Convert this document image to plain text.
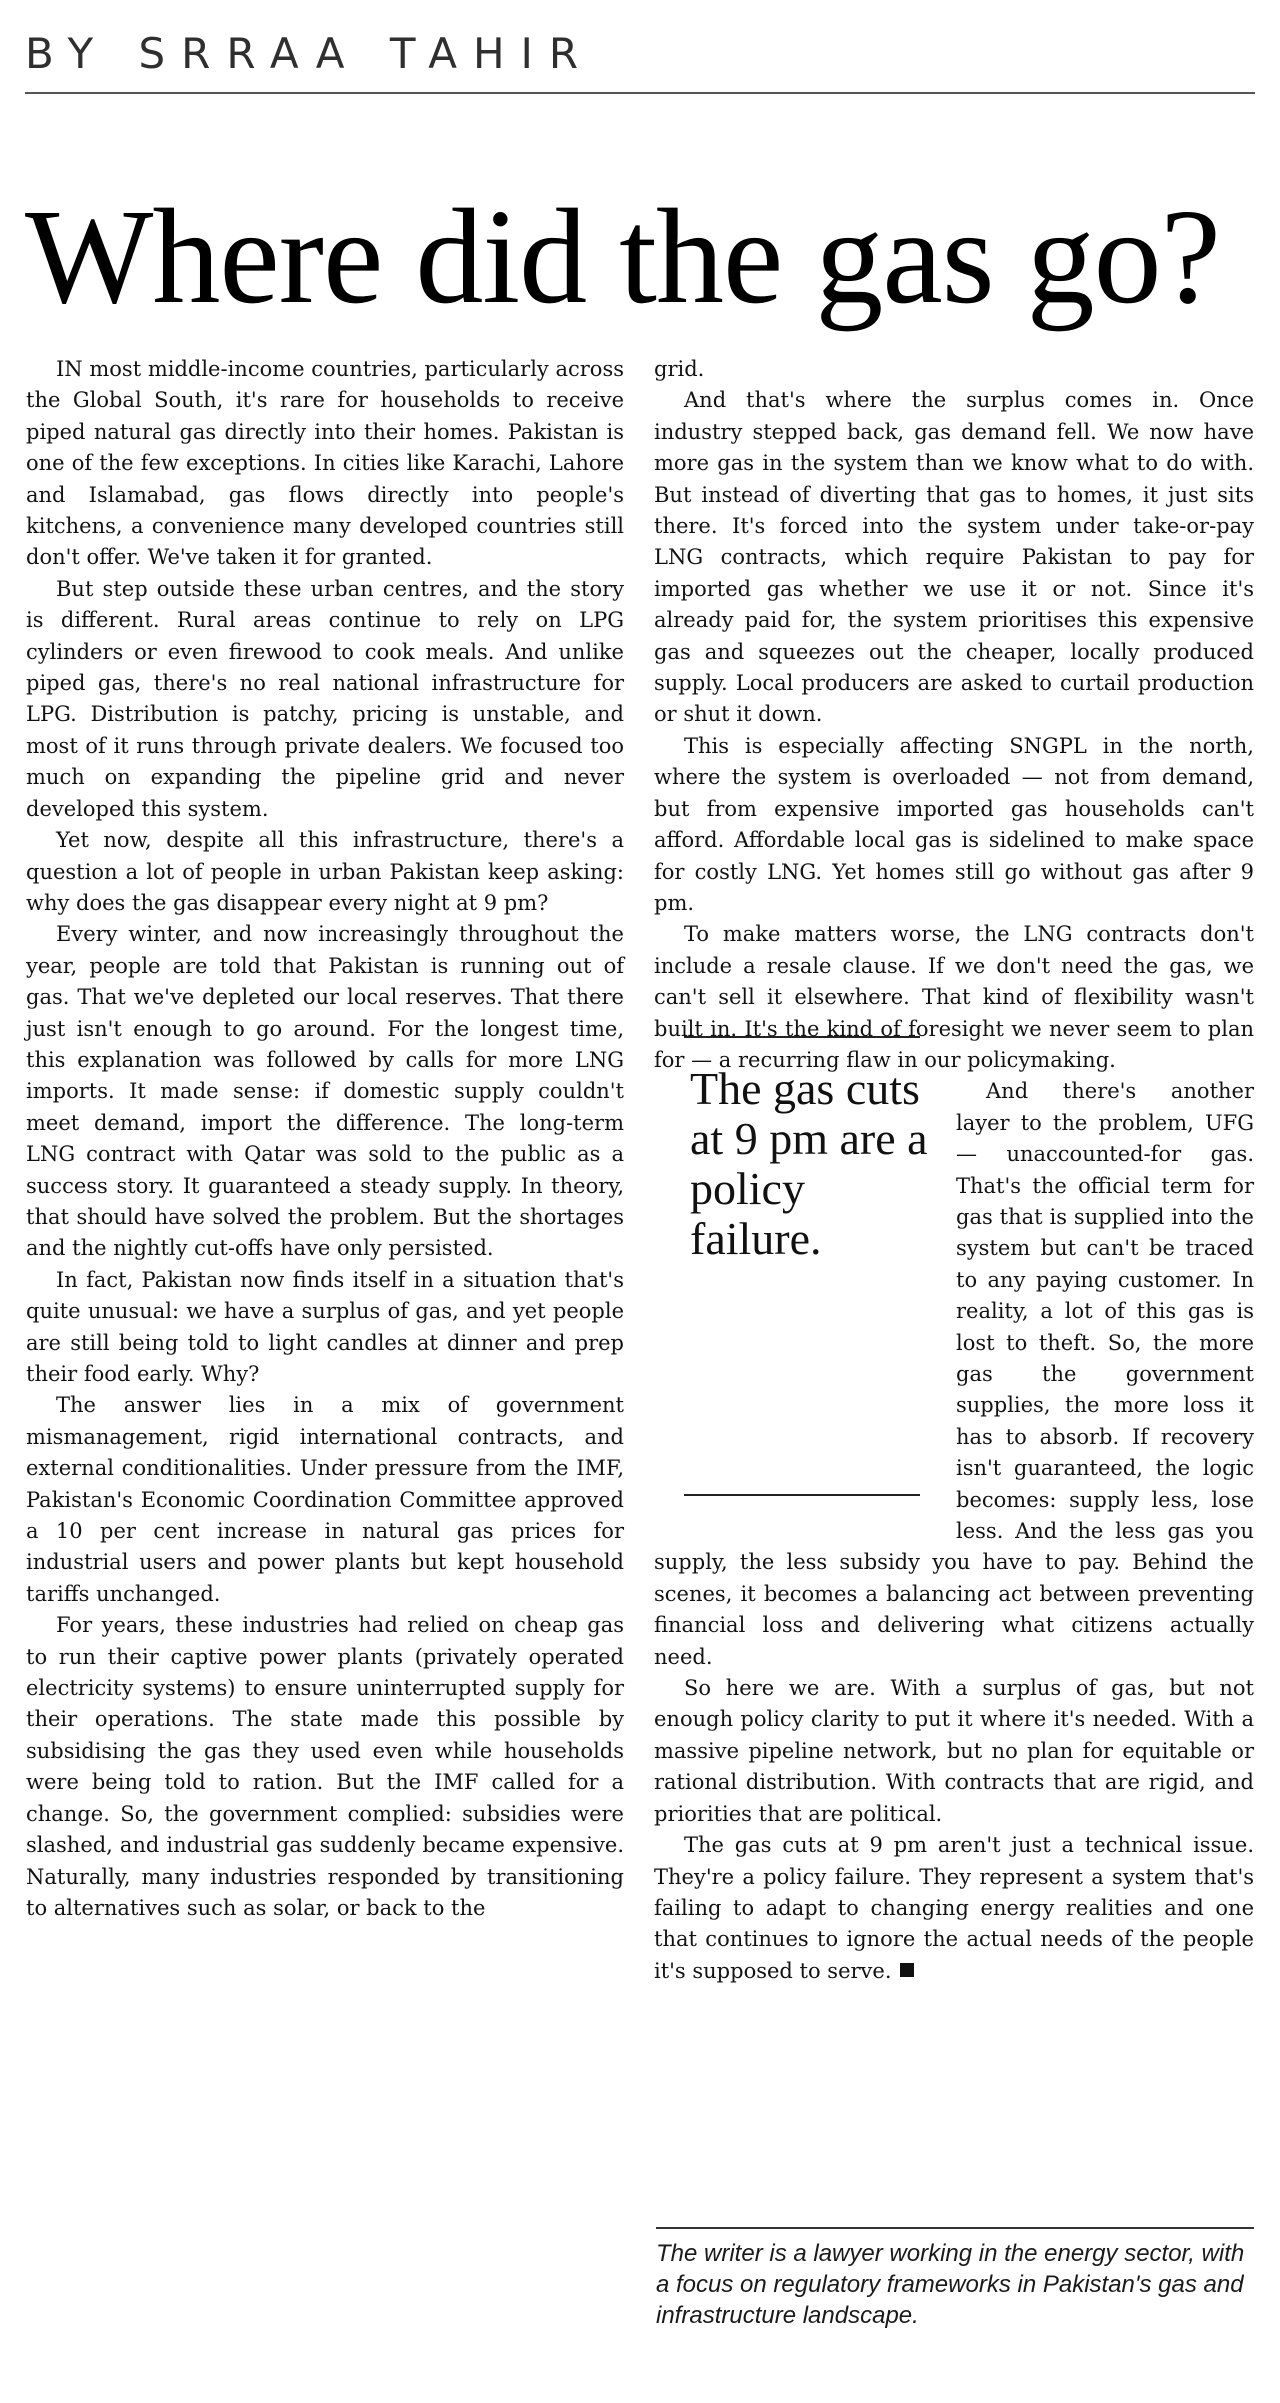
BY SRRAA TAHIR
Where did the gas go?

IN most middle-income countries, particularly across the Global South, it's rare for households to receive piped natural gas directly into their homes. Pakistan is one of the few exceptions. In cities like Karachi, Lahore and Islamabad, gas flows directly into people's kitchens, a convenience many developed countries still don't offer. We've taken it for granted.

But step outside these urban centres, and the story is different. Rural areas continue to rely on LPG cylinders or even firewood to cook meals. And unlike piped gas, there's no real national infrastructure for LPG. Distribution is patchy, pricing is unstable, and most of it runs through private dealers. We focused too much on expanding the pipeline grid and never developed this system.

Yet now, despite all this infrastructure, there's a question a lot of people in urban Pakistan keep asking: why does the gas disappear every night at 9 pm?

Every winter, and now increasingly throughout the year, people are told that Pakistan is running out of gas. That we've depleted our local reserves. That there just isn't enough to go around. For the longest time, this explanation was followed by calls for more LNG imports. It made sense: if domestic supply couldn't meet demand, import the difference. The long-term LNG contract with Qatar was sold to the public as a success story. It guaranteed a steady supply. In theory, that should have solved the problem. But the shortages and the nightly cut-offs have only persisted.

In fact, Pakistan now finds itself in a situation that's quite unusual: we have a surplus of gas, and yet people are still being told to light candles at dinner and prep their food early. Why?

The answer lies in a mix of government mismanagement, rigid international contracts, and external conditionalities. Under pressure from the IMF, Pakistan's Economic Coordination Committee approved a 10 per cent increase in natural gas prices for industrial users and power plants but kept household tariffs unchanged.

For years, these industries had relied on cheap gas to run their captive power plants (privately operated electricity systems) to ensure uninterrupted supply for their operations. The state made this possible by subsidising the gas they used even while households were being told to ration. But the IMF called for a change. So, the government complied: subsidies were slashed, and industrial gas suddenly became expensive. Naturally, many industries responded by transitioning to alternatives such as solar, or back to the

grid.

And that's where the surplus comes in. Once industry stepped back, gas demand fell. We now have more gas in the system than we know what to do with. But instead of diverting that gas to homes, it just sits there. It's forced into the system under take-or-pay LNG contracts, which require Pakistan to pay for imported gas whether we use it or not. Since it's already paid for, the system prioritises this expensive gas and squeezes out the cheaper, locally produced supply. Local producers are asked to curtail production or shut it down.

This is especially affecting SNGPL in the north, where the system is overloaded — not from demand, but from expensive imported gas households can't afford. Affordable local gas is sidelined to make space for costly LNG. Yet homes still go without gas after 9 pm.

To make matters worse, the LNG contracts don't include a resale clause. If we don't need the gas, we can't sell it elsewhere. That kind of flexibility wasn't built in. It's the kind of foresight we never seem to plan for — a recurring flaw in our policymaking.

The gas cuts at 9 pm are a policy failure.

And there's another layer to the problem, UFG — unaccounted-for gas. That's the official term for gas that is supplied into the system but can't be traced to any paying customer. In reality, a lot of this gas is lost to theft. So, the more gas the government supplies, the more loss it has to absorb. If recovery isn't guaranteed, the logic becomes: supply less, lose less. And the less gas you supply, the less subsidy you have to pay. Behind the scenes, it becomes a balancing act between preventing financial loss and delivering what citizens actually need.

So here we are. With a surplus of gas, but not enough policy clarity to put it where it's needed. With a massive pipeline network, but no plan for equitable or rational distribution. With contracts that are rigid, and priorities that are political.

The gas cuts at 9 pm aren't just a technical issue. They're a policy failure. They represent a system that's failing to adapt to changing energy realities and one that continues to ignore the actual needs of the people it's supposed to serve.

The writer is a lawyer working in the energy sector, with a focus on regulatory frameworks in Pakistan's gas and infrastructure landscape.
